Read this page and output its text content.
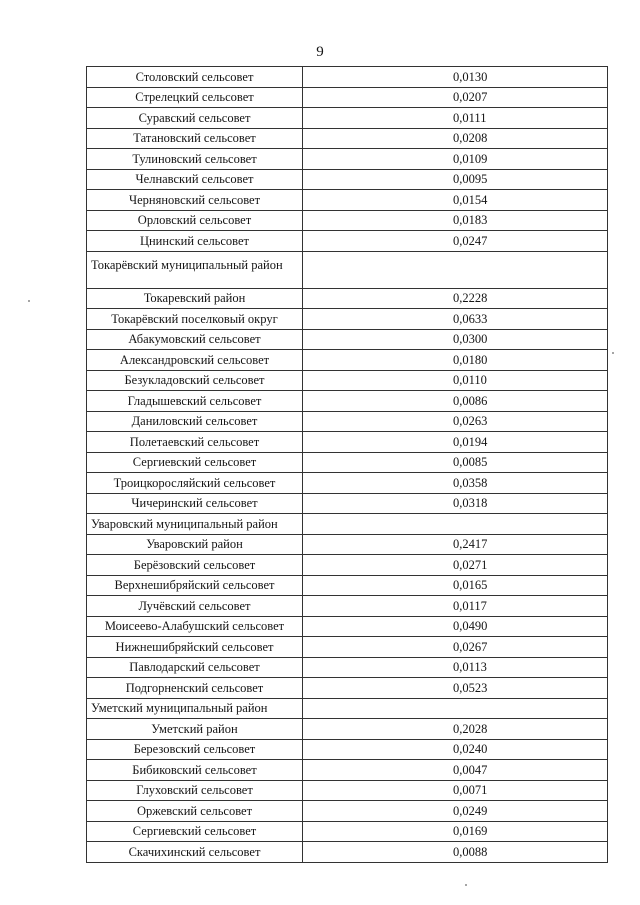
9
Столовский сельсовет	0,0130
Стрелецкий сельсовет	0,0207
Суравский сельсовет	0,0111
Татановский сельсовет	0,0208
Тулиновский сельсовет	0,0109
Челнавский сельсовет	0,0095
Черняновский сельсовет	0,0154
Орловский сельсовет	0,0183
Цнинский сельсовет	0,0247
Токарёвский муниципальный район	
Токаревский район	0,2228
Токарёвский поселковый округ	0,0633
Абакумовский сельсовет	0,0300
Александровский сельсовет	0,0180
Безукладовский сельсовет	0,0110
Гладышевский сельсовет	0,0086
Даниловский сельсовет	0,0263
Полетаевский сельсовет	0,0194
Сергиевский сельсовет	0,0085
Троицкоросляйский сельсовет	0,0358
Чичеринский сельсовет	0,0318
Уваровский муниципальный район	
Уваровский район	0,2417
Берёзовский сельсовет	0,0271
Верхнешибряйский сельсовет	0,0165
Лучёвский сельсовет	0,0117
Моисеево-Алабушский сельсовет	0,0490
Нижнешибряйский сельсовет	0,0267
Павлодарский сельсовет	0,0113
Подгорненский сельсовет	0,0523
Уметский муниципальный район	
Уметский район	0,2028
Березовский сельсовет	0,0240
Бибиковский сельсовет	0,0047
Глуховский сельсовет	0,0071
Оржевский сельсовет	0,0249
Сергиевский сельсовет	0,0169
Скачихинский сельсовет	0,0088
